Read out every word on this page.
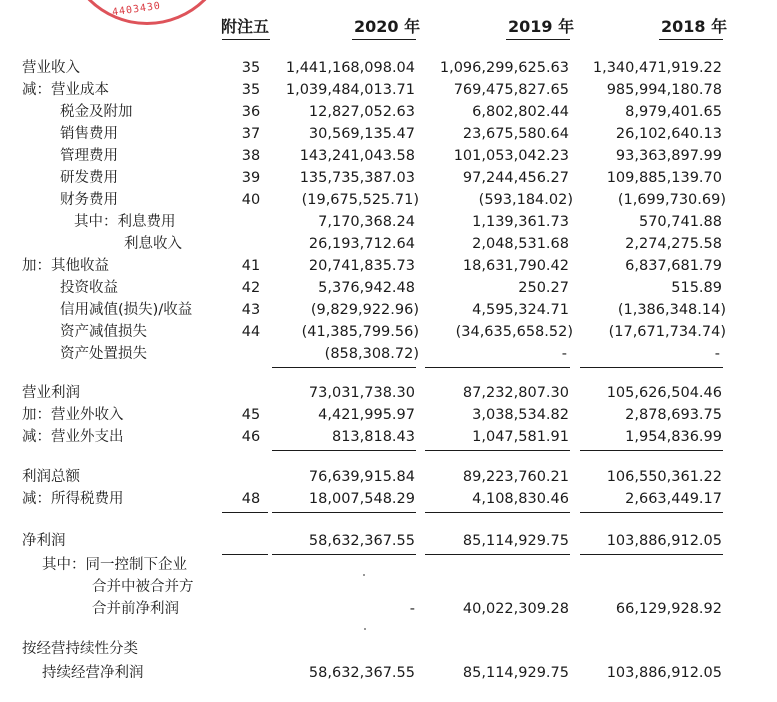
4403430
附注五	2020 年	2019 年	2018 年
营业收入	35	1,441,168,098.04 1,096,299,625.63 1,340,471,919.22
减：营业成本	35	1,039,484,013.71	769,475,827.65	985,994,180.78
税金及附加	36	12,827,052.63	6,802,802.44	8,979,401.65
销售费用	37	30,569,135.47	23,675,580.64	26,102,640.13
管理费用	38	143,241,043.58	101,053,042.23	93,363,897.99
研发费用	39	135,735,387.03	97,244,456.27	109,885,139.70
财务费用	40	(19,675,525.71)	(593,184.02)	(1,699,730.69)
其中：利息费用	7,170,368.24	1,139,361.73	570,741.88
利息收入	26,193,712.64	2,048,531.68	2,274,275.58
加：其他收益	41	20,741,835.73	18,631,790.42	6,837,681.79
投资收益	42	5,376,942.48	250.27	515.89
信用减值(损失)/收益	43	(9,829,922.96)	4,595,324.71	(1,386,348.14)
资产减值损失	44	(41,385,799.56)	(34,635,658.52) (17,671,734.74)
资产处置损失	(858,308.72)	-	-
营业利润	73,031,738.30	87,232,807.30	105,626,504.46
加：营业外收入	45	4,421,995.97	3,038,534.82	2,878,693.75
减：营业外支出	46	813,818.43	1,047,581.91	1,954,836.99
利润总额	76,639,915.84	89,223,760.21	106,550,361.22
减：所得税费用	48	18,007,548.29	4,108,830.46	2,663,449.17
净利润	58,632,367.55	85,114,929.75	103,886,912.05
其中：同一控制下企业
合并中被合并方
合并前净利润	-	40,022,309.28	66,129,928.92
按经营持续性分类
持续经营净利润	58,632,367.55	85,114,929.75	103,886,912.05
